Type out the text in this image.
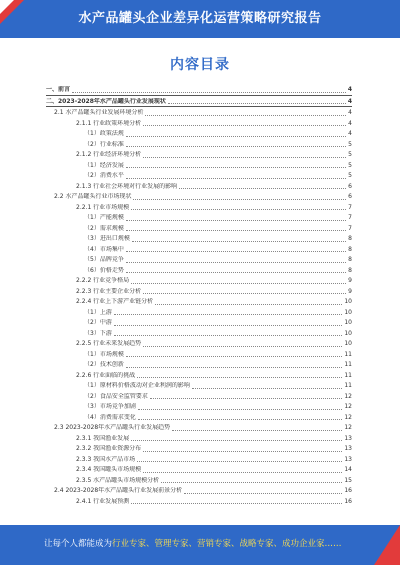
水产品罐头企业差异化运营策略研究报告
内容目录
一、前言	4
二、2023-2028年水产品罐头行业发展现状	4
2.1 水产品罐头行业发展环境分析	4
2.1.1 行业政策环境分析	4
（1）政策法规	4
（2）行业标准	5
2.1.2 行业经济环境分析	5
（1）经济发展	5
（2）消费水平	5
2.1.3 行业社会环境对行业发展的影响	6
2.2 水产品罐头行业市场现状	6
2.2.1 行业市场规模	7
（1）产能规模	7
（2）需求规模	7
（3）进出口规模	8
（4）市场集中	8
（5）品牌竞争	8
（6）价格走势	8
2.2.2 行业竞争格局	9
2.2.3 行业主要企业分析	9
2.2.4 行业上下游产业链分析	10
（1）上游	10
（2）中游	10
（3）下游	10
2.2.5 行业未来发展趋势	10
（1）市场规模	11
（2）技术创新	11
2.2.6 行业面临的挑战	11
（1）原材料价格波动对企业利润的影响	11
（2）食品安全监管要求	12
（3）市场竞争加剧	12
（4）消费需求变化	12
2.3 2023-2028年水产品罐头行业发展趋势	12
2.3.1 我国渔业发展	13
2.3.2 我国渔业资源分布	13
2.3.3 我国水产品市场	13
2.3.4 我国罐头市场规模	14
2.3.5 水产品罐头市场规模分析	15
2.4 2023-2028年水产品罐头行业发展前景分析	16
2.4.1 行业发展预测	16
让每个人都能成为行业专家、管理专家、营销专家、战略专家、成功企业家……
